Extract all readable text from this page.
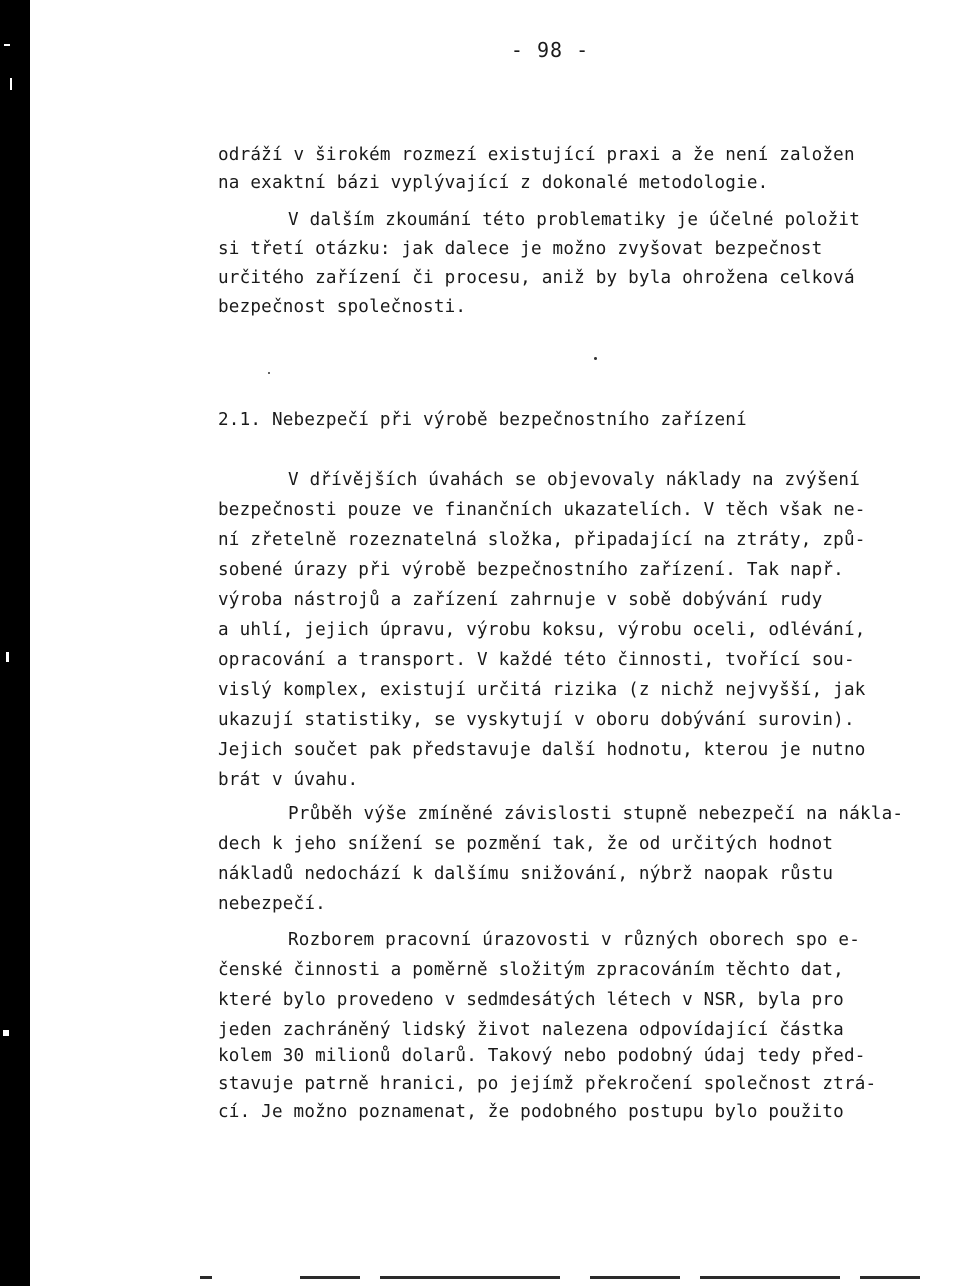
- 98 -
odráží v širokém rozmezí existující praxi a že není založen
na exaktní bázi vyplývající z dokonalé metodologie.
V dalším zkoumání této problematiky je účelné položit
si třetí otázku: jak dalece je možno zvyšovat bezpečnost
určitého zařízení či procesu, aniž by byla ohrožena celková
bezpečnost společnosti.
2.1. Nebezpečí při výrobě bezpečnostního zařízení
V dřívějších úvahách se objevovaly náklady na zvýšení
bezpečnosti pouze ve finančních ukazatelích. V těch však ne-
ní zřetelně rozeznatelná složka, připadající na ztráty, způ-
sobené úrazy při výrobě bezpečnostního zařízení. Tak např.
výroba nástrojů a zařízení zahrnuje v sobě dobývání rudy
a uhlí, jejich úpravu, výrobu koksu, výrobu oceli, odlévání,
opracování a transport. V každé této činnosti, tvořící sou-
vislý komplex, existují určitá rizika (z nichž nejvyšší, jak
ukazují statistiky, se vyskytují v oboru dobývání surovin).
Jejich součet pak představuje další hodnotu, kterou je nutno
brát v úvahu.
Průběh výše zmíněné závislosti stupně nebezpečí na nákla-
dech k jeho snížení se pozmění tak, že od určitých hodnot
nákladů nedochází k dalšímu snižování, nýbrž naopak růstu
nebezpečí.
Rozborem pracovní úrazovosti v různých oborech spo e-
čenské činnosti a poměrně složitým zpracováním těchto dat,
které bylo provedeno v sedmdesátých létech v NSR, byla pro
jeden zachráněný lidský život nalezena odpovídající částka
kolem 30 milionů dolarů. Takový nebo podobný údaj tedy před-
stavuje patrně hranici, po jejímž překročení společnost ztrá-
cí. Je možno poznamenat, že podobného postupu bylo použito
